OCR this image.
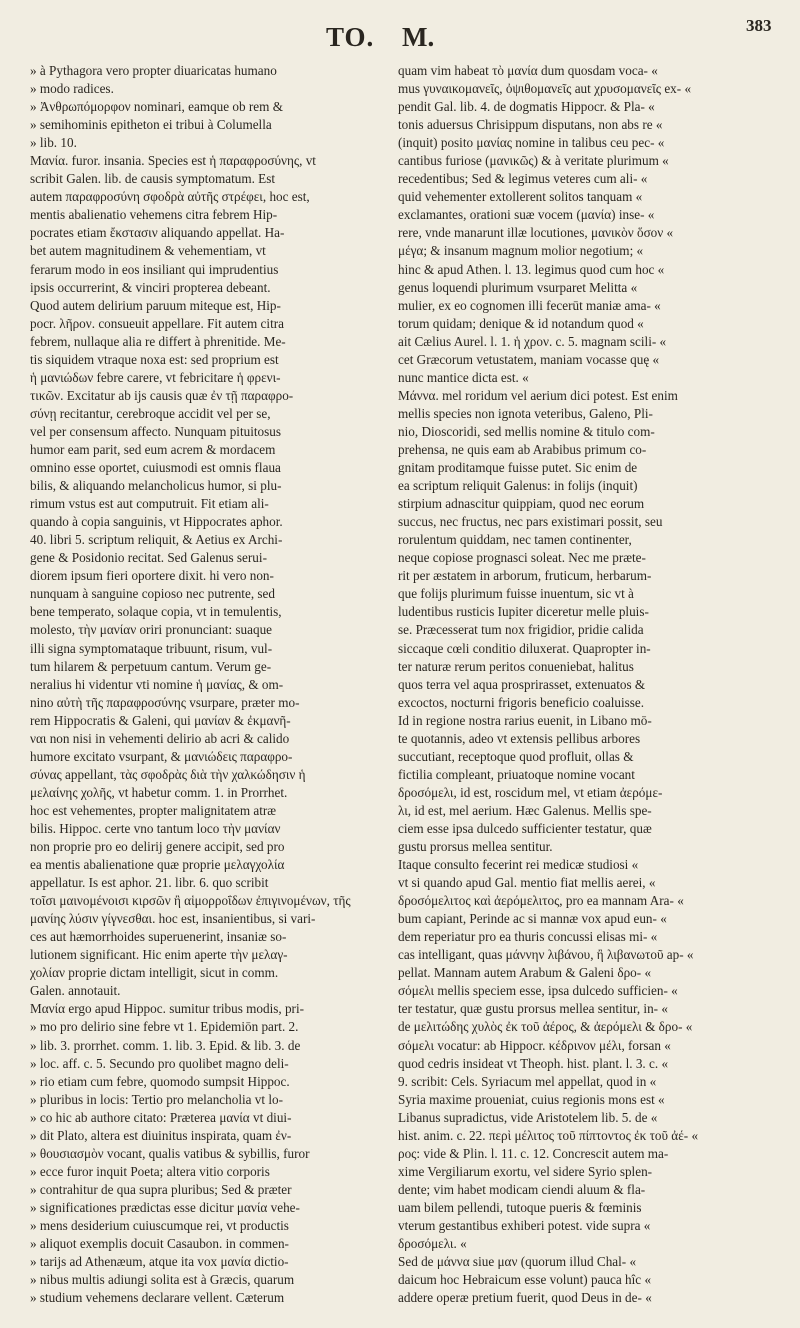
TO. M.	383
» à Pythagora vero propter diuaricatas humano
» modo radices.
» Ἀνθρωπόμορφον nominari, eamque ob rem &
» semihominis epitheton ei tribui à Columella
» lib. 10.
Μανία. furor. insania. Species est ἡ παραφροσύνης, vt
scribit Galen. lib. de causis symptomatum. Est
autem παραφροσύνη σφοδρὰ αὐτῆς στρέφει, hoc est,
mentis abalienatio vehemens citra febrem Hip-
pocrates etiam ἔκστασιν aliquando appellat. Ha-
bet autem magnitudinem & vehementiam, vt
ferarum modo in eos insiliant qui imprudentius
ipsis occurrerint, & vinciri propterea debeant.
Quod autem delirium paruum miteque est, Hip-
pocr. λῆρον. consueuit appellare. Fit autem citra
febrem, nullaque alia re differt à phrenitide. Me-
tis siquidem vtraque noxa est: sed proprium est
ἡ μανιώδων febre carere, vt febricitare ἡ φρενι-
τικῶν. Excitatur ab ijs causis quæ ἐν τῇ παραφρο-
σύνῃ recitantur, cerebroque accidit vel per se,
vel per consensum affecto. Nunquam pituitosus
humor eam parit, sed eum acrem & mordacem
omnino esse oportet, cuiusmodi est omnis flaua
bilis, & aliquando melancholicus humor, si plu-
rimum vstus est aut computruit. Fit etiam ali-
quando à copia sanguinis, vt Hippocrates aphor.
40. libri 5. scriptum reliquit, & Aetius ex Archi-
gene & Posidonio recitat. Sed Galenus serui-
diorem ipsum fieri oportere dixit. hi vero non-
nunquam à sanguine copioso nec putrente, sed
bene temperato, solaque copia, vt in temulentis,
molesto, τὴν μανίαν oriri pronunciant: suaque
illi signa symptomataque tribuunt, risum, vul-
tum hilarem & perpetuum cantum. Verum ge-
neralius hi videntur vti nomine ἡ μανίας, & om-
nino αὐτὴ τῆς παραφροσύνης vsurpare, præter mo-
rem Hippocratis & Galeni, qui μανίαν & ἐκμανῆ-
ναι non nisi in vehementi delirio ab acri & calido
humore excitato vsurpant, & μανιώδεις παραφρο-
σύνας appellant, τὰς σφοδρὰς διὰ τὴν χαλκώδησιν ἡ
μελαίνης χολῆς, vt habetur comm. 1. in Prorrhet.
hoc est vehementes, propter malignitatem atræ
bilis. Hippoc. certe vno tantum loco τὴν μανίαν
non proprie pro eo delirij genere accipit, sed pro
ea mentis abalienatione quæ proprie μελαγχολία
appellatur. Is est aphor. 21. libr. 6. quo scribit
τοῖσι μαινομένοισι κιρσῶν ἢ αἱμορροΐδων ἐπιγινομένων, τῆς
μανίης λύσιν γίγνεσθαι. hoc est, insanientibus, si vari-
ces aut hæmorrhoides superuenerint, insaniæ so-
lutionem significant. Hic enim aperte τὴν μελαγ-
χολίαν proprie dictam intelligit, sicut in comm.
Galen. annotauit.
Μανία ergo apud Hippoc. sumitur tribus modis, pri-
» mo pro delirio sine febre vt 1. Epidemiōn part. 2.
» lib. 3. prorrhet. comm. 1. lib. 3. Epid. & lib. 3. de
» loc. aff. c. 5. Secundo pro quolibet magno deli-
» rio etiam cum febre, quomodo sumpsit Hippoc.
» pluribus in locis: Tertio pro melancholia vt lo-
» co hic ab authore citato: Præterea μανία vt diui-
» dit Plato, altera est diuinitus inspirata, quam ἐν-
» θουσιασμὸν vocant, qualis vatibus & sybillis, furor
» ecce furor inquit Poeta; altera vitio corporis
» contrahitur de qua supra pluribus; Sed & præter
» significationes prædictas esse dicitur μανία vehe-
» mens desiderium cuiuscumque rei, vt productis
» aliquot exemplis docuit Casaubon. in commen-
» tarijs ad Athenæum, atque ita vox μανία dictio-
» nibus multis adiungi solita est à Græcis, quarum
» studium vehemens declarare vellent. Cæterum
quam vim habeat τὸ μανία dum quosdam voca- «
mus γυναικομανεῖς, ὀψιθομανεῖς aut χρυσομανεῖς ex- «
pendit Gal. lib. 4. de dogmatis Hippocr. & Pla- «
tonis aduersus Chrisippum disputans, non abs re «
(inquit) posito μανίας nomine in talibus ceu pec- «
cantibus furiose (μανικῶς) & à veritate plurimum «
recedentibus; Sed & legimus veteres cum ali- «
quid vehementer extollerent solitos tanquam «
exclamantes, orationi suæ vocem (μανία) inse- «
rere, vnde manarunt illæ locutiones, μανικὸν ὅσον «
μέγα; & insanum magnum molior negotium; «
hinc & apud Athen. l. 13. legimus quod cum hoc «
genus loquendi plurimum vsurparet Melitta «
mulier, ex eo cognomen illi fecerūt maniæ ama- «
torum quidam; denique & id notandum quod «
ait Cælius Aurel. l. 1. ἡ χρον. c. 5. magnam scili- «
cet Græcorum vetustatem, maniam vocasse quę «
nunc mantice dicta est. «
Μάννα. mel roridum vel aerium dici potest. Est enim
mellis species non ignota veteribus, Galeno, Pli-
nio, Dioscoridi, sed mellis nomine & titulo com-
prehensa, ne quis eam ab Arabibus primum co-
gnitam proditamque fuisse putet. Sic enim de
ea scriptum reliquit Galenus: in folijs (inquit)
stirpium adnascitur quippiam, quod nec eorum
succus, nec fructus, nec pars existimari possit, seu
rorulentum quiddam, nec tamen continenter,
neque copiose prognasci soleat. Nec me præte-
rit per æstatem in arborum, fruticum, herbarum-
que folijs plurimum fuisse inuentum, sic vt à
ludentibus rusticis Iupiter diceretur melle pluis-
se. Præcesserat tum nox frigidior, pridie calida
siccaque cœli conditio diluxerat. Quapropter in-
ter naturæ rerum peritos conueniebat, halitus
quos terra vel aqua prosprirasset, extenuatos &
excoctos, nocturni frigoris beneficio coaluisse.
Id in regione nostra rarius euenit, in Libano mō-
te quotannis, adeo vt extensis pellibus arbores
succutiant, receptoque quod profluit, ollas &
fictilia compleant, priuatoque nomine vocant
δροσόμελι, id est, roscidum mel, vt etiam ἀερόμε-
λι, id est, mel aerium. Hæc Galenus. Mellis spe-
ciem esse ipsa dulcedo sufficienter testatur, quæ
gustu prorsus mellea sentitur.
Itaque consulto fecerint rei medicæ studiosi «
vt si quando apud Gal. mentio fiat mellis aerei, «
δροσόμελιτος καὶ ἀερόμελιτος, pro ea mannam Ara- «
bum capiant, Perinde ac si mannæ vox apud eun- «
dem reperiatur pro ea thuris concussi elisas mi- «
cas intelligant, quas μάννην λιβάνου, ἢ λιβανωτοῦ ap- «
pellat. Mannam autem Arabum & Galeni δρο- «
σόμελι mellis speciem esse, ipsa dulcedo sufficien- «
ter testatur, quæ gustu prorsus mellea sentitur, in- «
de μελιτώδης χυλὸς ἐκ τοῦ ἀέρος, & ἀερόμελι & δρο- «
σόμελι vocatur: ab Hippocr. κέδρινον μέλι, forsan «
quod cedris insideat vt Theoph. hist. plant. l. 3. c. «
9. scribit: Cels. Syriacum mel appellat, quod in «
Syria maxime proueniat, cuius regionis mons est «
Libanus supradictus, vide Aristotelem lib. 5. de «
hist. anim. c. 22. περὶ μέλιτος τοῦ πίπτοντος ἐκ τοῦ ἀέ- «
ρος: vide & Plin. l. 11. c. 12. Concrescit autem ma-
xime Vergiliarum exortu, vel sidere Syrio splen-
dente; vim habet modicam ciendi aluum & fla-
uam bilem pellendi, tutoque pueris & fœminis
vterum gestantibus exhiberi potest. vide supra «
δροσόμελι. «
Sed de μάννα siue μαν (quorum illud Chal- «
daicum hoc Hebraicum esse volunt) pauca hîc «
addere operæ pretium fuerit, quod Deus in de- «
